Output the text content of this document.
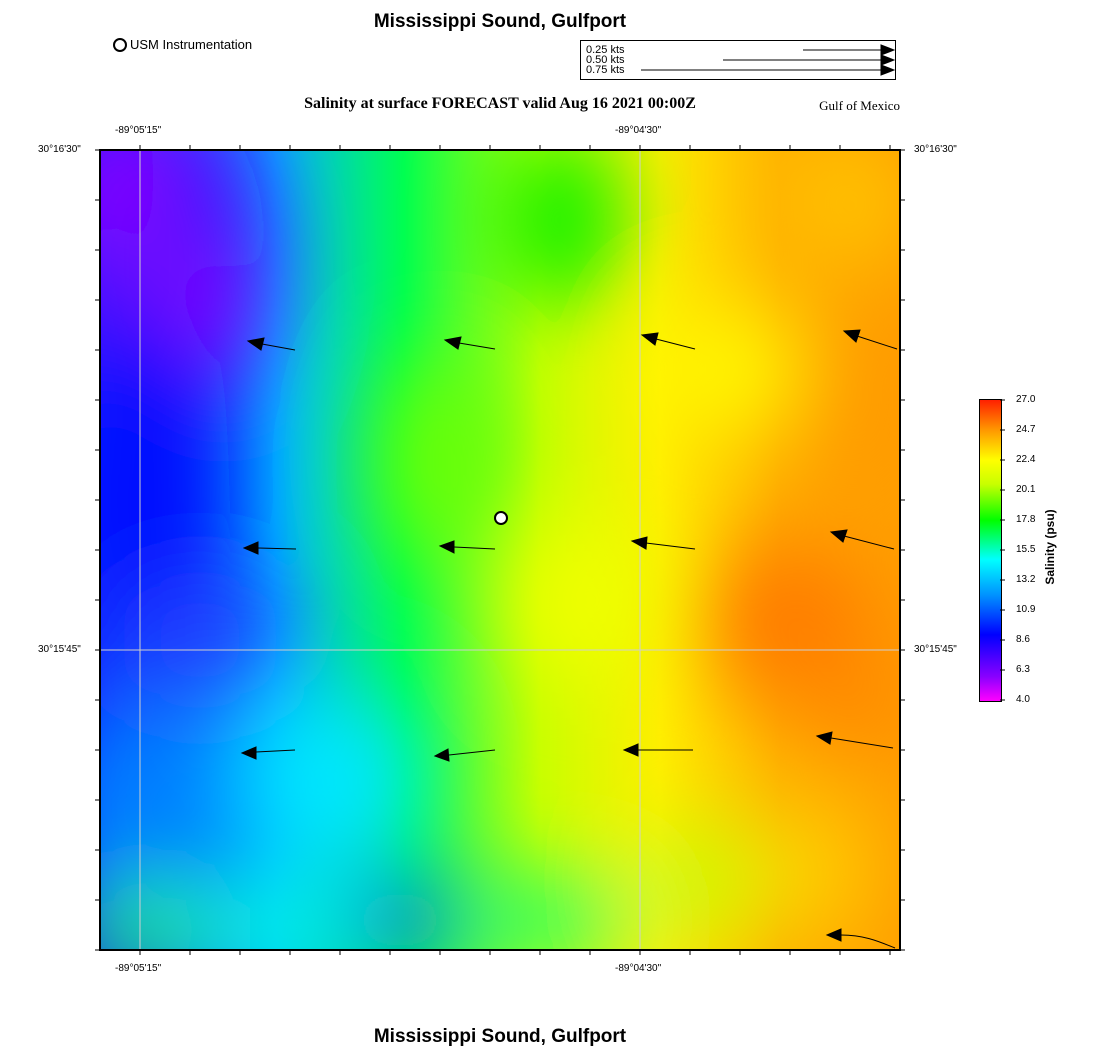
Mississippi Sound, Gulfport
Mississippi Sound, Gulfport
USM Instrumentation	0.25 kts
0.50 kts
0.75 kts
Salinity at surface FORECAST valid Aug 16 2021 00:00Z	Gulf of Mexico
-89°05'15"	-89°04'30"
-89°05'15"	-89°04'30"
30°16'30"
30°15'45"
30°16'30"
30°15'45"
27.0
24.7
22.4
20.1
17.8
15.5
13.2
10.9
8.6
6.3
4.0
Salinity (psu)
